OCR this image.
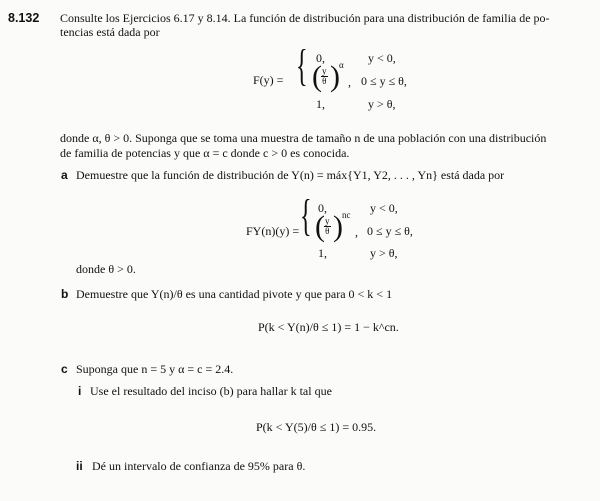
8.132 Consulte los Ejercicios 6.17 y 8.14. La función de distribución para una distribución de familia de po-
tencias está dada por
F(y) = { 0,	y < 0,
( $\frac{y}{\theta}$ ) α
, 0 ≤ y ≤ θ,
1,	y > θ,
donde α, θ > 0. Suponga que se toma una muestra de tamaño n de una población con una distribución
de familia de potencias y que α = c donde c > 0 es conocida.
a Demuestre que la función de distribución de Y(n) = máx{Y1, Y2, . . . , Yn} está dada por
FY(n)(y) = { 0,	y < 0,
( $\frac{y}{\theta}$ ) nc
, 0 ≤ y ≤ θ,
1,	y > θ,
donde θ > 0.
b Demuestre que Y(n)/θ es una cantidad pivote y que para 0 < k < 1
P(k < Y(n)/θ ≤ 1) = 1 − k^cn.
c Suponga que n = 5 y α = c = 2.4.
i Use el resultado del inciso (b) para hallar k tal que
P(k < Y(5)/θ ≤ 1) = 0.95.
ii Dé un intervalo de confianza de 95% para θ.
